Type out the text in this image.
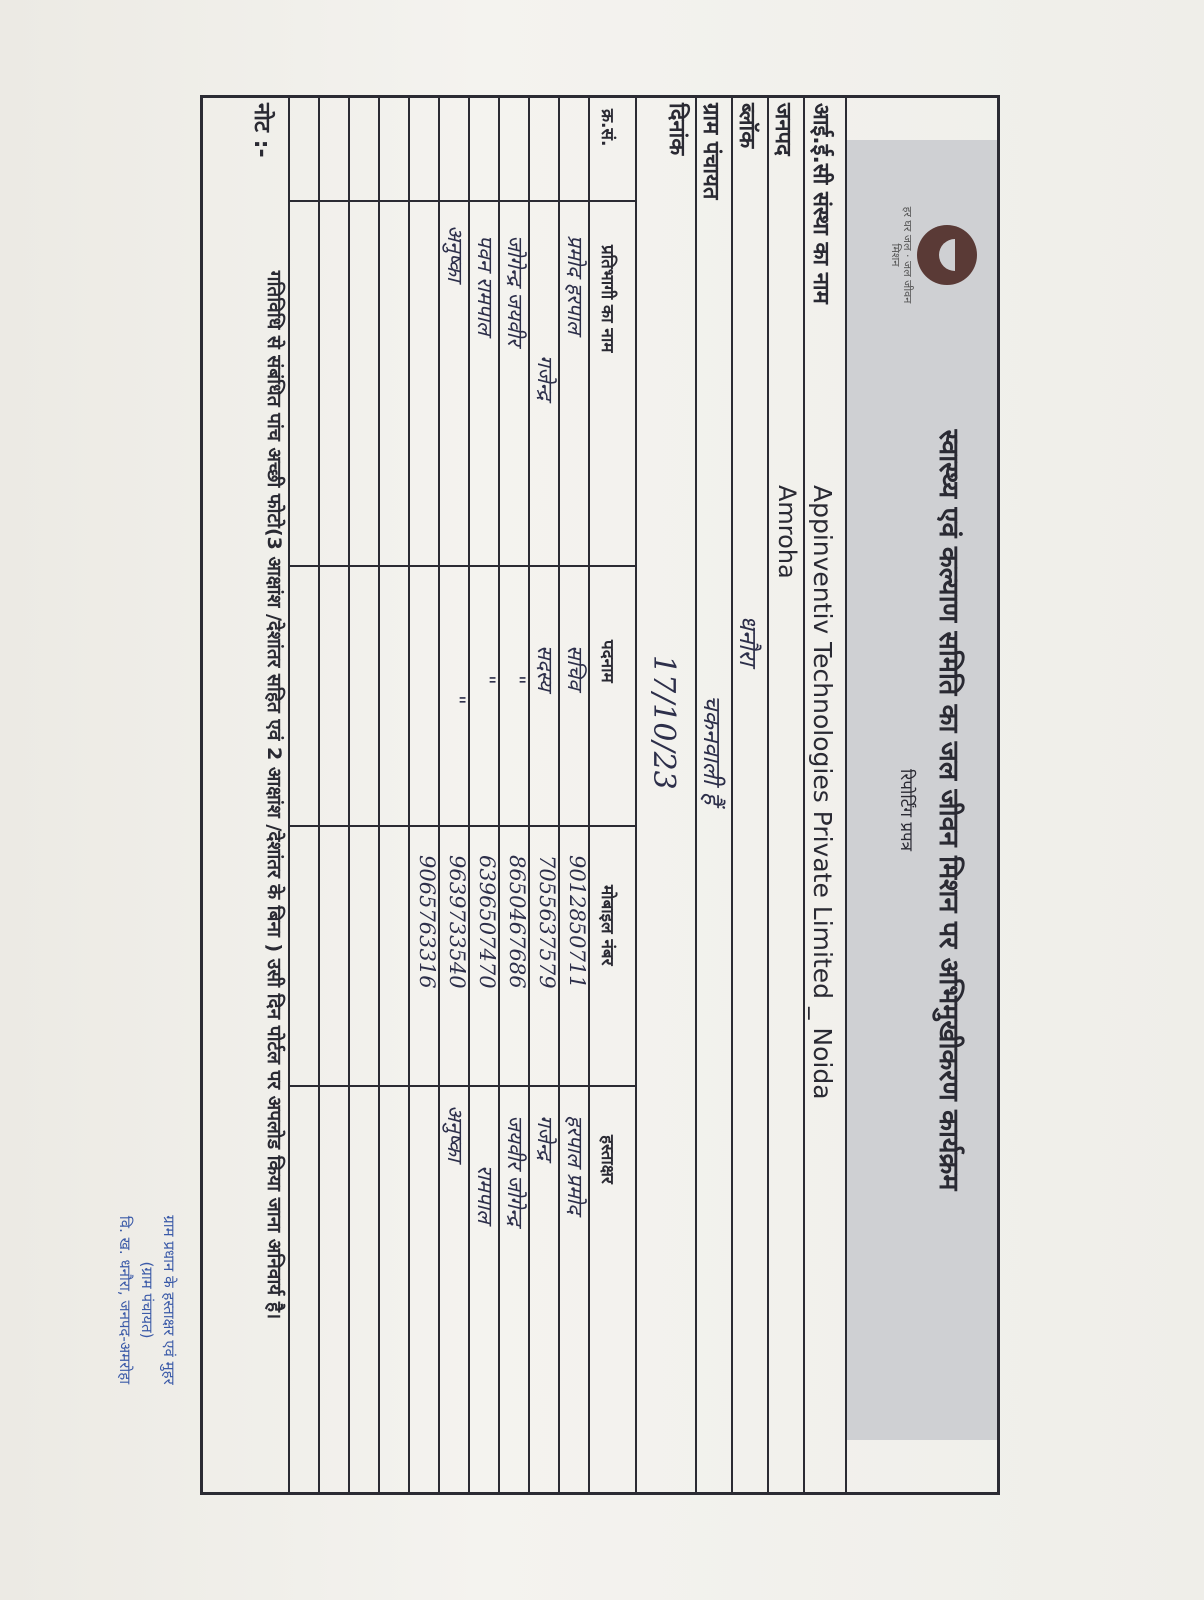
हर घर जल · जल जीवन मिशन
स्वास्थ्य एवं कल्याण समिति का जल जीवन मिशन पर अभिमुखीकरण कार्यक्रम
रिपोर्टिंग प्रपत्र
आई.ई.सी संस्था का नाम
Appinventiv Technologies Private Limited _ Noida
जनपद
Amroha
ब्लॉक
धनौरा
ग्राम पंचायत
चकनवाली हैं
दिनांक
17/10/23
क्र.सं.
प्रतिभागी का नाम
पदनाम
मोबाइल नंबर
हस्ताक्षर
प्रमोद हरपाल
सचिव
9012850711
हरपाल प्रमोद
गजेन्द्र
सदस्य
7055637579
गजेन्द्र
जोगेन्द्र जयवीर
"
8650467686
जयवीर जोगेन्द्र
पवन रामपाल
"
6396507470
रामपाल
अनुष्का
"
9639733540
अनुष्का
9065763316
नोट :-
गतिविधि से संबंधित पांच अच्छी फोटो(3 आक्षांश /देशांतर सहित एवं 2 आक्षांश /देशांतर के बिना ) उसी दिन पोर्टल पर अपलोड किया जाना अनिवार्य है।
ग्राम प्रधान के हस्ताक्षर एवं मुहर
(ग्राम पंचायत)
वि. ख. धनौरा, जनपद-अमरोहा
